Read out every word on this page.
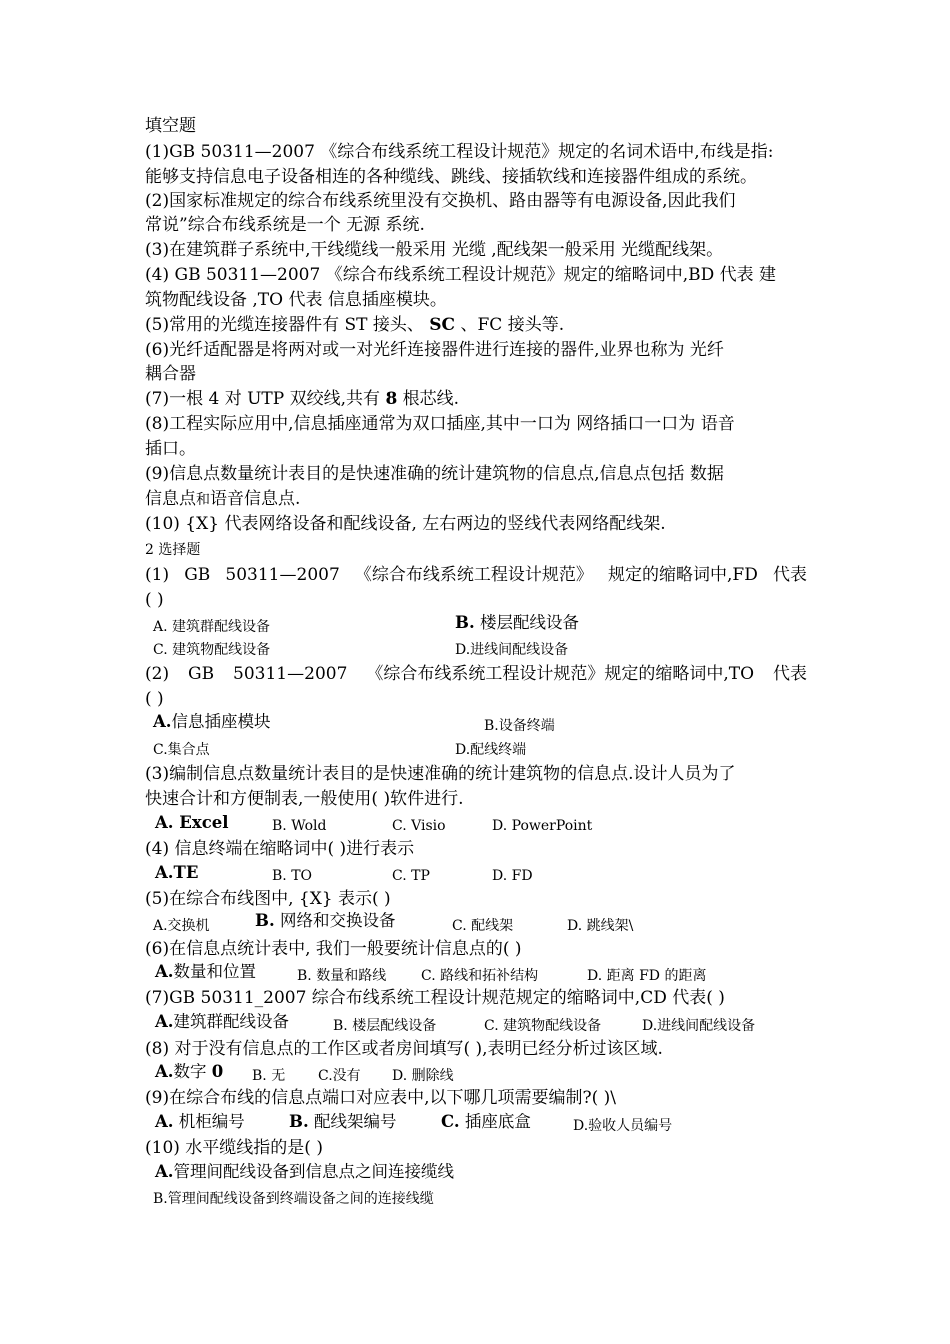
填空题
(1)GB 50311—2007 《综合布线系统工程设计规范》规定的名词术语中,布线是指:
能够支持信息电子设备相连的各种缆线、跳线、接插软线和连接器件组成的系统。
(2)国家标准规定的综合布线系统里没有交换机、路由器等有电源设备,因此我们
常说”综合布线系统是一个 无源 系统.
(3)在建筑群子系统中,干线缆线一般采用 光缆 ,配线架一般采用 光缆配线架。
(4) GB 50311—2007 《综合布线系统工程设计规范》规定的缩略词中,BD 代表 建
筑物配线设备 ,TO 代表 信息插座模块。
(5)常用的光缆连接器件有 ST 接头、 SC 、FC 接头等.
(6)光纤适配器是将两对或一对光纤连接器件进行连接的器件,业界也称为 光纤
耦合器
(7)一根 4 对 UTP 双绞线,共有 8 根芯线.
(8)工程实际应用中,信息插座通常为双口插座,其中一口为 网络插口一口为 语音
插口。
(9)信息点数量统计表目的是快速准确的统计建筑物的信息点,信息点包括 数据
信息点和语音信息点.
(10) {X} 代表网络设备和配线设备, 左右两边的竖线代表网络配线架.
2 选择题
(1) GB 50311—2007 《综合布线系统工程设计规范》 规定的缩略词中,FD 代表
( )
A. 建筑群配线设备	B. 楼层配线设备
C. 建筑物配线设备	D.进线间配线设备
(2) GB 50311—2007 《综合布线系统工程设计规范》规定的缩略词中,TO 代表
( )
A.信息插座模块	B.设备终端
C.集合点	D.配线终端
(3)编制信息点数量统计表目的是快速准确的统计建筑物的信息点.设计人员为了
快速合计和方便制表,一般使用( )软件进行.
A. Excel	B. Wold	C. Visio	D. PowerPoint
(4) 信息终端在缩略词中( )进行表示
A.TE	B. TO	C. TP	D. FD
(5)在综合布线图中, {X} 表示( )
A.交换机	B. 网络和交换设备	C. 配线架	D. 跳线架\
(6)在信息点统计表中, 我们一般要统计信息点的( )
A.数量和位置	B. 数量和路线 C. 路线和拓补结构	D. 距离 FD 的距离
(7)GB 50311_2007 综合布线系统工程设计规范规定的缩略词中,CD 代表( )
A.建筑群配线设备	B. 楼层配线设备	C. 建筑物配线设备	D.进线间配线设备
(8) 对于没有信息点的工作区或者房间填写( ),表明已经分析过该区域.
A.数字 0 B. 无 C.没有 D. 删除线
(9)在综合布线的信息点端口对应表中,以下哪几项需要编制?( )\
A. 机柜编号	B. 配线架编号	C. 插座底盒	D.验收人员编号
(10) 水平缆线指的是( )
A.管理间配线设备到信息点之间连接缆线
B.管理间配线设备到终端设备之间的连接线缆
